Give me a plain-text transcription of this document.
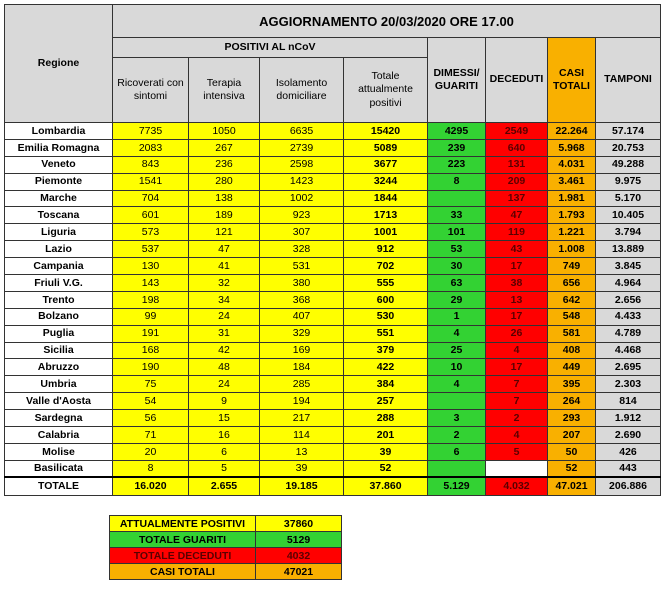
Regione	AGGIORNAMENTO 20/03/2020 ORE 17.00							
	POSITIVI AL nCoV				DIMESSI/ GUARITI	DECEDUTI	CASI TOTALI	TAMPONI
	Ricoverati con sintomi	Terapia intensiva	Isolamento domiciliare	Totale attualmente positivi				
Lombardia	7735	1050	6635	15420	4295	2549	22.264	57.174
Emilia Romagna	2083	267	2739	5089	239	640	5.968	20.753
Veneto	843	236	2598	3677	223	131	4.031	49.288
Piemonte	1541	280	1423	3244	8	209	3.461	9.975
Marche	704	138	1002	1844		137	1.981	5.170
Toscana	601	189	923	1713	33	47	1.793	10.405
Liguria	573	121	307	1001	101	119	1.221	3.794
Lazio	537	47	328	912	53	43	1.008	13.889
Campania	130	41	531	702	30	17	749	3.845
Friuli V.G.	143	32	380	555	63	38	656	4.964
Trento	198	34	368	600	29	13	642	2.656
Bolzano	99	24	407	530	1	17	548	4.433
Puglia	191	31	329	551	4	26	581	4.789
Sicilia	168	42	169	379	25	4	408	4.468
Abruzzo	190	48	184	422	10	17	449	2.695
Umbria	75	24	285	384	4	7	395	2.303
Valle d'Aosta	54	9	194	257		7	264	814
Sardegna	56	15	217	288	3	2	293	1.912
Calabria	71	16	114	201	2	4	207	2.690
Molise	20	6	13	39	6	5	50	426
Basilicata	8	5	39	52			52	443
TOTALE	16.020	2.655	19.185	37.860	5.129	4.032	47.021	206.886
ATTUALMENTE POSITIVI	37860
TOTALE GUARITI	5129
TOTALE DECEDUTI	4032
CASI TOTALI	47021
